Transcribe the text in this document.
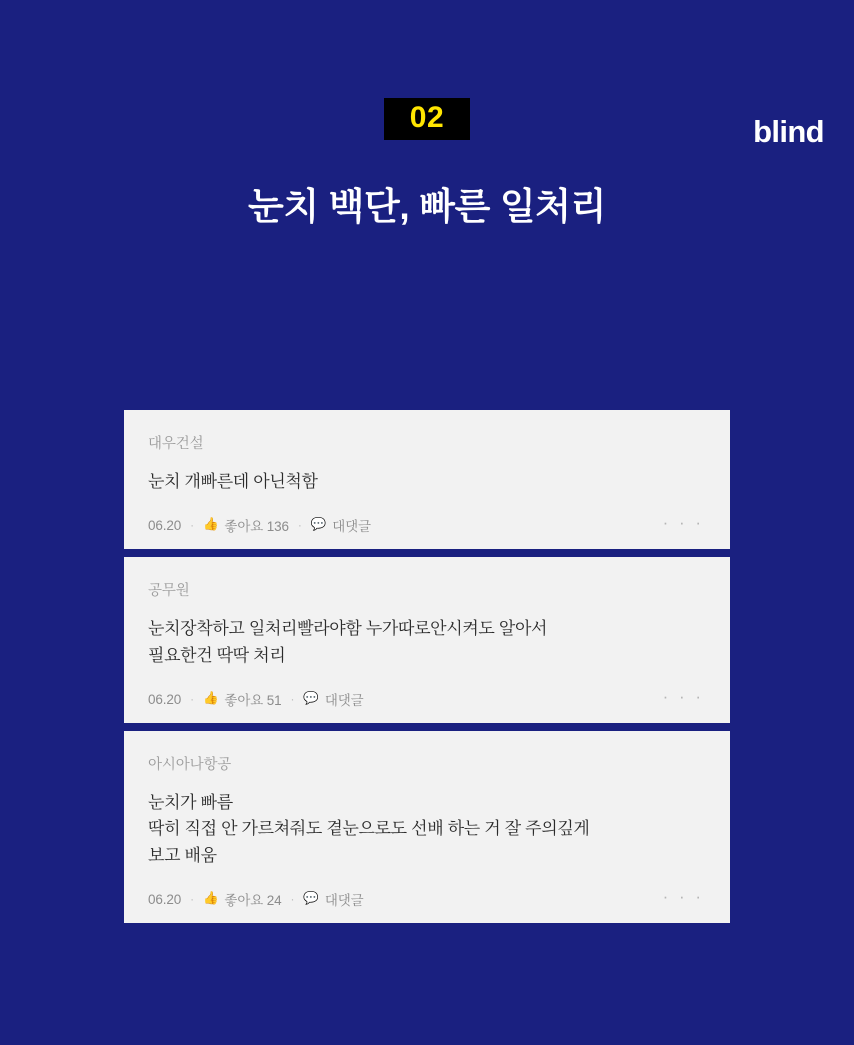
blind
02
눈치 백단, 빠른 일처리
대우건설
눈치 개빠른데 아닌척함
06.20 · 👍 좋아요 136 · 💬 대댓글	· · ·
공무원
눈치장착하고 일처리빨라야함 누가따로안시켜도 알아서
필요한건 딱딱 처리
06.20 · 👍 좋아요 51 · 💬 대댓글	· · ·
아시아나항공
눈치가 빠름
딱히 직접 안 가르쳐줘도 곁눈으로도 선배 하는 거 잘 주의깊게
보고 배움
06.20 · 👍 좋아요 24 · 💬 대댓글	· · ·
